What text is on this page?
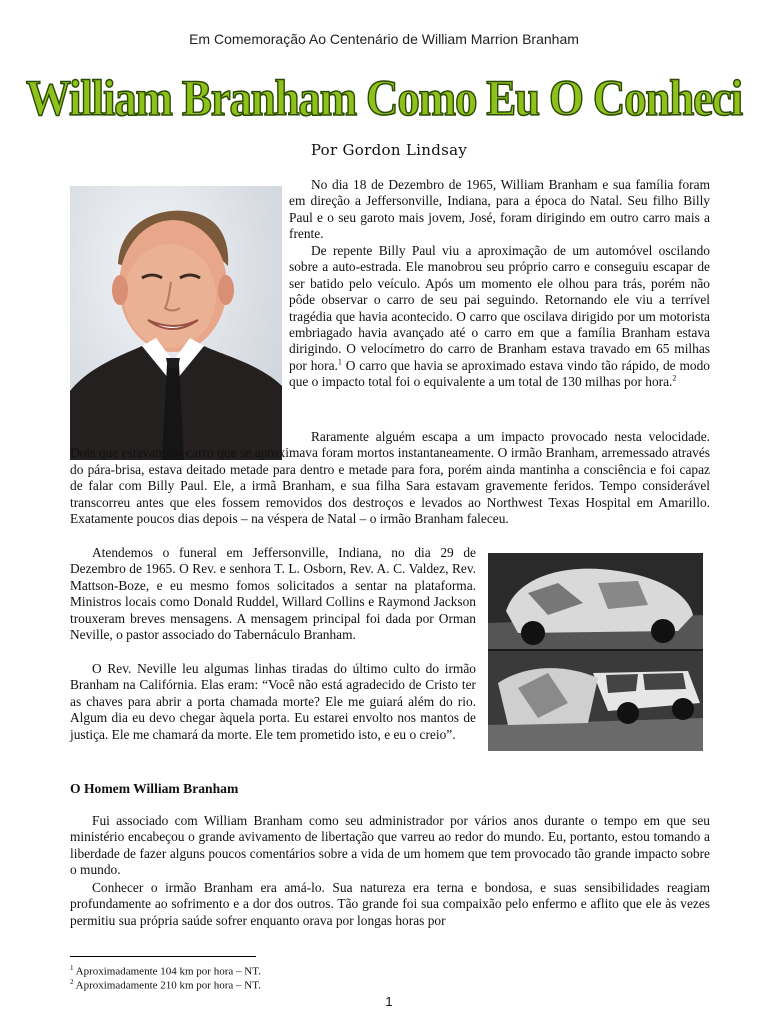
Em Comemoração Ao Centenário de William Marrion Branham
William Branham Como Eu O Conheci
Por Gordon Lindsay

No dia 18 de Dezembro de 1965, William Branham e sua família foram em direção a Jeffersonville, Indiana, para a época do Natal. Seu filho Billy Paul e o seu garoto mais jovem, José, foram dirigindo em outro carro mais a frente.

De repente Billy Paul viu a aproximação de um automóvel oscilando sobre a auto-estrada. Ele manobrou seu próprio carro e conseguiu escapar de ser batido pelo veículo. Após um momento ele olhou para trás, porém não pôde observar o carro de seu pai seguindo. Retornando ele viu a terrível tragédia que havia acontecido. O carro que oscilava dirigido por um motorista embriagado havia avançado até o carro em que a família Branham estava dirigindo. O velocímetro do carro de Branham estava travado em 65 milhas por hora.$^1$ O carro que havia se aproximado estava vindo tão rápido, de modo que o impacto total foi o equivalente a um total de 130 milhas por hora.$^2$

Raramente alguém escapa a um impacto provocado nesta velocidade. Dois que estavam no carro que se aproximava foram mortos instantaneamente. O irmão Branham, arremessado através do pára-brisa, estava deitado metade para dentro e metade para fora, porém ainda mantinha a consciência e foi capaz de falar com Billy Paul. Ele, a irmã Branham, e sua filha Sara estavam gravemente feridos. Tempo considerável transcorreu antes que eles fossem removidos dos destroços e levados ao Northwest Texas Hospital em Amarillo. Exatamente poucos dias depois – na véspera de Natal – o irmão Branham faleceu.

Atendemos o funeral em Jeffersonville, Indiana, no dia 29 de Dezembro de 1965. O Rev. e senhora T. L. Osborn, Rev. A. C. Valdez, Rev. Mattson-Boze, e eu mesmo fomos solicitados a sentar na plataforma. Ministros locais como Donald Ruddel, Willard Collins e Raymond Jackson trouxeram breves mensagens. A mensagem principal foi dada por Orman Neville, o pastor associado do Tabernáculo Branham.

O Rev. Neville leu algumas linhas tiradas do último culto do irmão Branham na Califórnia. Elas eram: “Você não está agradecido de Cristo ter as chaves para abrir a porta chamada morte? Ele me guiará além do rio. Algum dia eu devo chegar àquela porta. Eu estarei envolto nos mantos de justiça. Ele me chamará da morte. Ele tem prometido isto, e eu o creio”.

O Homem William Branham

Fui associado com William Branham como seu administrador por vários anos durante o tempo em que seu ministério encabeçou o grande avivamento de libertação que varreu ao redor do mundo. Eu, portanto, estou tomando a liberdade de fazer alguns poucos comentários sobre a vida de um homem que tem provocado tão grande impacto sobre o mundo.

Conhecer o irmão Branham era amá-lo. Sua natureza era terna e bondosa, e suas sensibilidades reagiam profundamente ao sofrimento e a dor dos outros. Tão grande foi sua compaixão pelo enfermo e aflito que ele às vezes permitiu sua própria saúde sofrer enquanto orava por longas horas por

$^1$ Aproximadamente 104 km por hora – NT.
$^2$ Aproximadamente 210 km por hora – NT.
1
